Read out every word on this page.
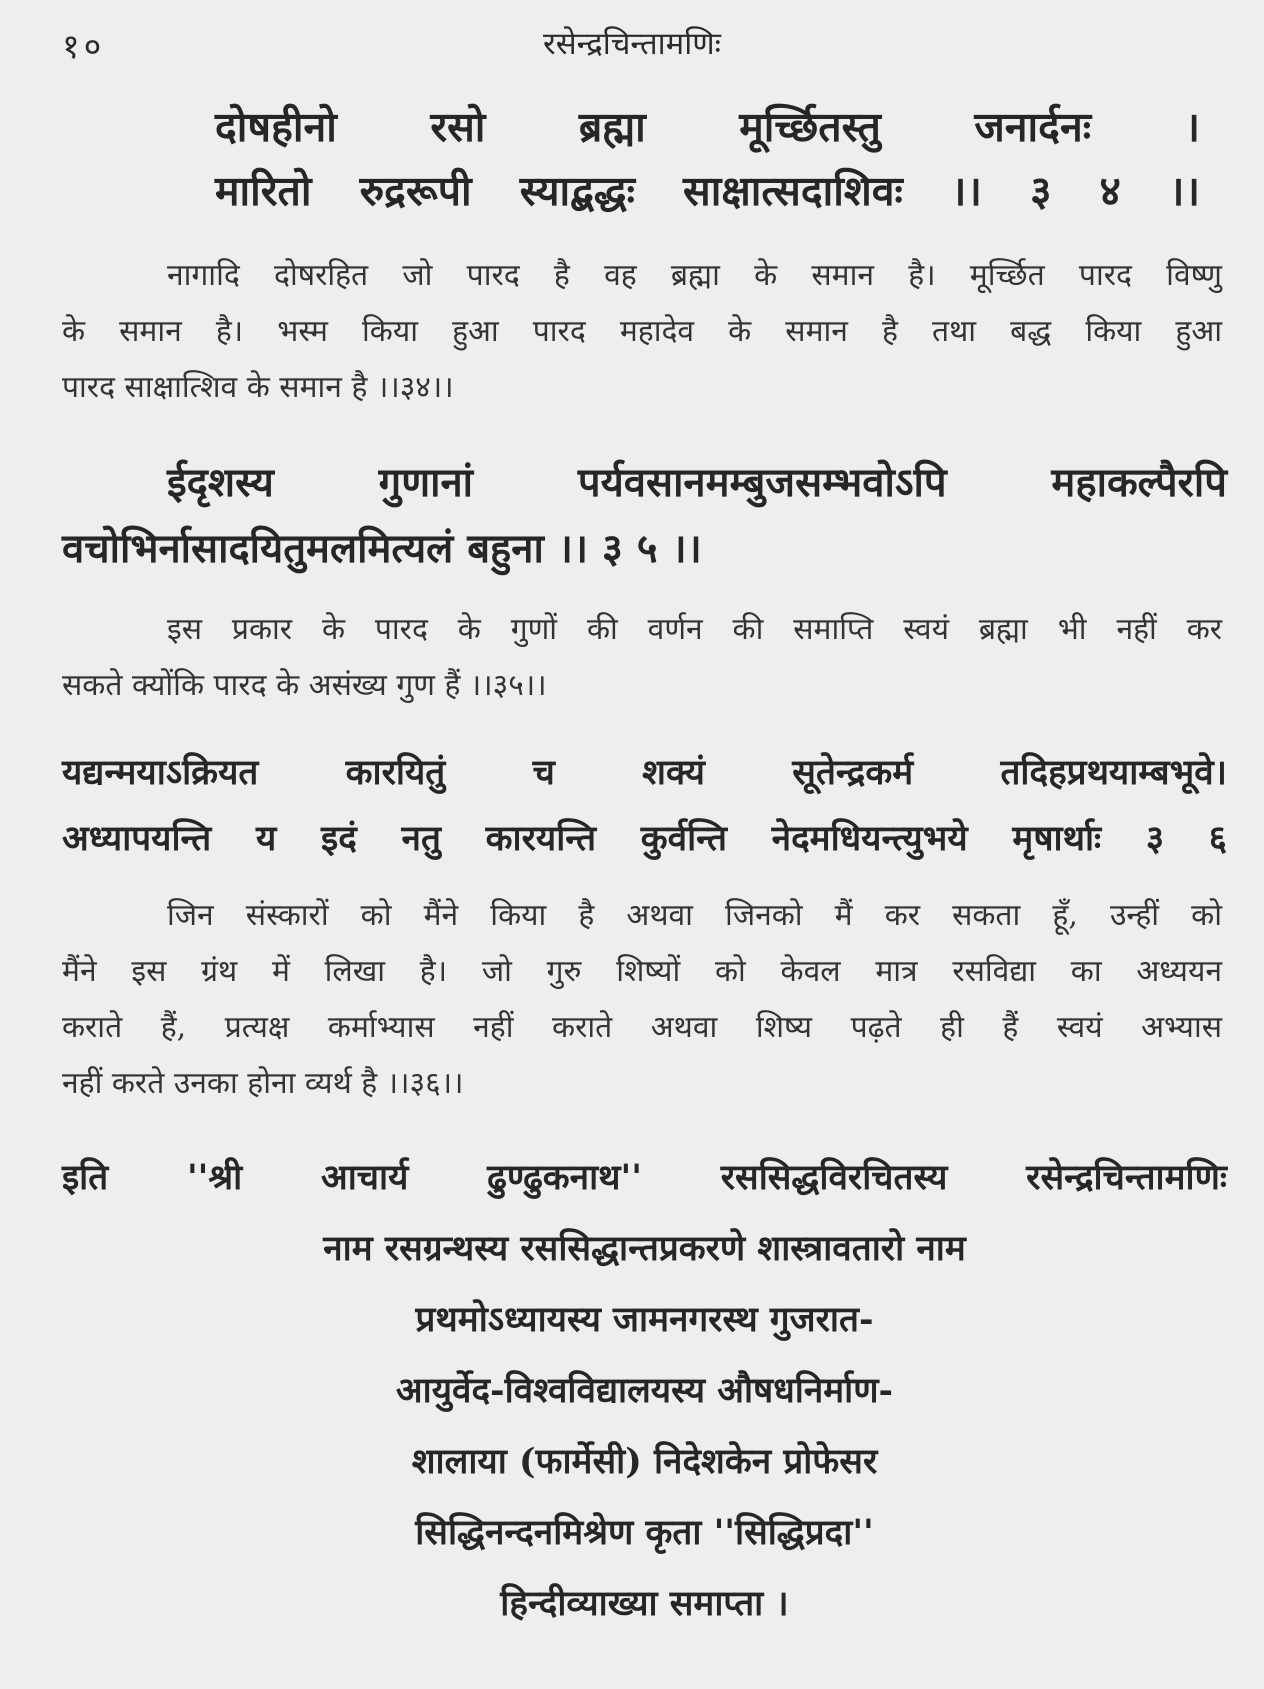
१०	रसेन्द्रचिन्तामणिः
दोषहीनो रसो ब्रह्मा मूर्च्छितस्तु जनार्दनः ।
मारितो रुद्ररूपी स्याद्बद्धः साक्षात्सदाशिवः ।। ३ ४ ।।
नागादि दोषरहित जो पारद है वह ब्रह्मा के समान है। मूर्च्छित पारद विष्णु
के समान है। भस्म किया हुआ पारद महादेव के समान है तथा बद्ध किया हुआ
पारद साक्षात्शिव के समान है ।।३४।।
ईदृशस्य गुणानां पर्यवसानमम्बुजसम्भवोऽपि महाकल्पैरपि
वचोभिर्नासादयितुमलमित्यलं बहुना ।। ३ ५ ।।
इस प्रकार के पारद के गुणों की वर्णन की समाप्ति स्वयं ब्रह्मा भी नहीं कर
सकते क्योंकि पारद के असंख्य गुण हैं ।।३५।।
यद्यन्मयाऽक्रियत कारयितुं च शक्यं सूतेन्द्रकर्म तदिहप्रथयाम्बभूवे।
अध्यापयन्ति य इदं नतु कारयन्ति कुर्वन्ति नेदमधियन्त्युभये मृषार्थाः ३ ६
जिन संस्कारों को मैंने किया है अथवा जिनको मैं कर सकता हूँ, उन्हीं को
मैंने इस ग्रंथ में लिखा है। जो गुरु शिष्यों को केवल मात्र रसविद्या का अध्ययन
कराते हैं, प्रत्यक्ष कर्माभ्यास नहीं कराते अथवा शिष्य पढ़ते ही हैं स्वयं अभ्यास
नहीं करते उनका होना व्यर्थ है ।।३६।।
इति ''श्री आचार्य ढुण्ढुकनाथ'' रससिद्धविरचितस्य रसेन्द्रचिन्तामणिः
नाम रसग्रन्थस्य रससिद्धान्तप्रकरणे शास्त्रावतारो नाम
प्रथमोऽध्यायस्य जामनगरस्थ गुजरात-
आयुर्वेद-विश्वविद्यालयस्य औषधनिर्माण-
शालाया (फार्मेसी) निदेशकेन प्रोफेसर
सिद्धिनन्दनमिश्रेण कृता ''सिद्धिप्रदा''
हिन्दीव्याख्या समाप्ता ।
